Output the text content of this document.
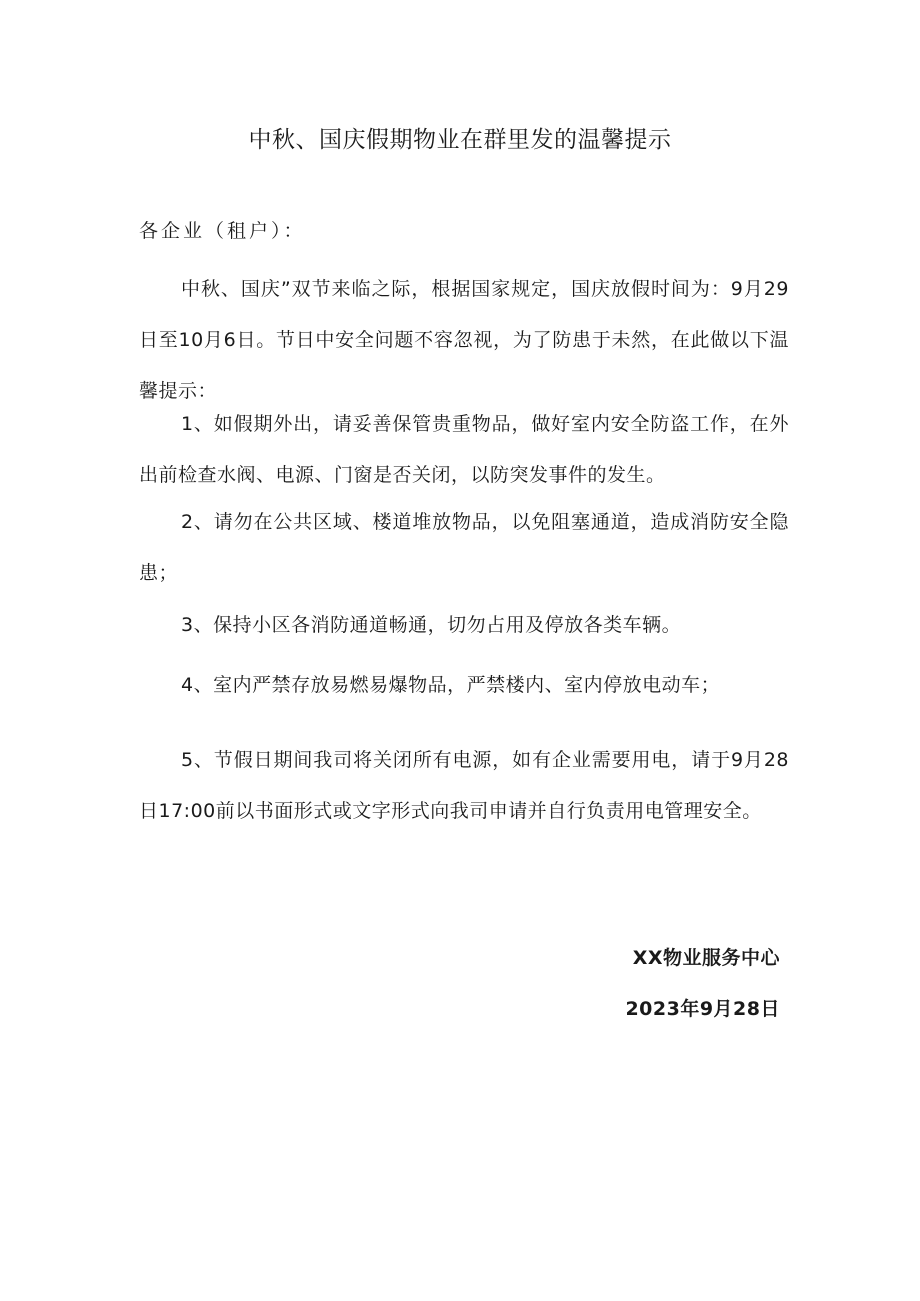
中秋、国庆假期物业在群里发的温馨提示
各企业（租户）：

中秋、国庆”双节来临之际，根据国家规定，国庆放假时间为：9月29日至10月6日。节日中安全问题不容忽视，为了防患于未然，在此做以下温馨提示：

1、如假期外出，请妥善保管贵重物品，做好室内安全防盗工作，在外出前检查水阀、电源、门窗是否关闭，以防突发事件的发生。

2、请勿在公共区域、楼道堆放物品，以免阻塞通道，造成消防安全隐患；

3、保持小区各消防通道畅通，切勿占用及停放各类车辆。

4、室内严禁存放易燃易爆物品，严禁楼内、室内停放电动车；

5、节假日期间我司将关闭所有电源，如有企业需要用电，请于9月28日17:00前以书面形式或文字形式向我司申请并自行负责用电管理安全。

XX物业服务中心
2023年9月28日
